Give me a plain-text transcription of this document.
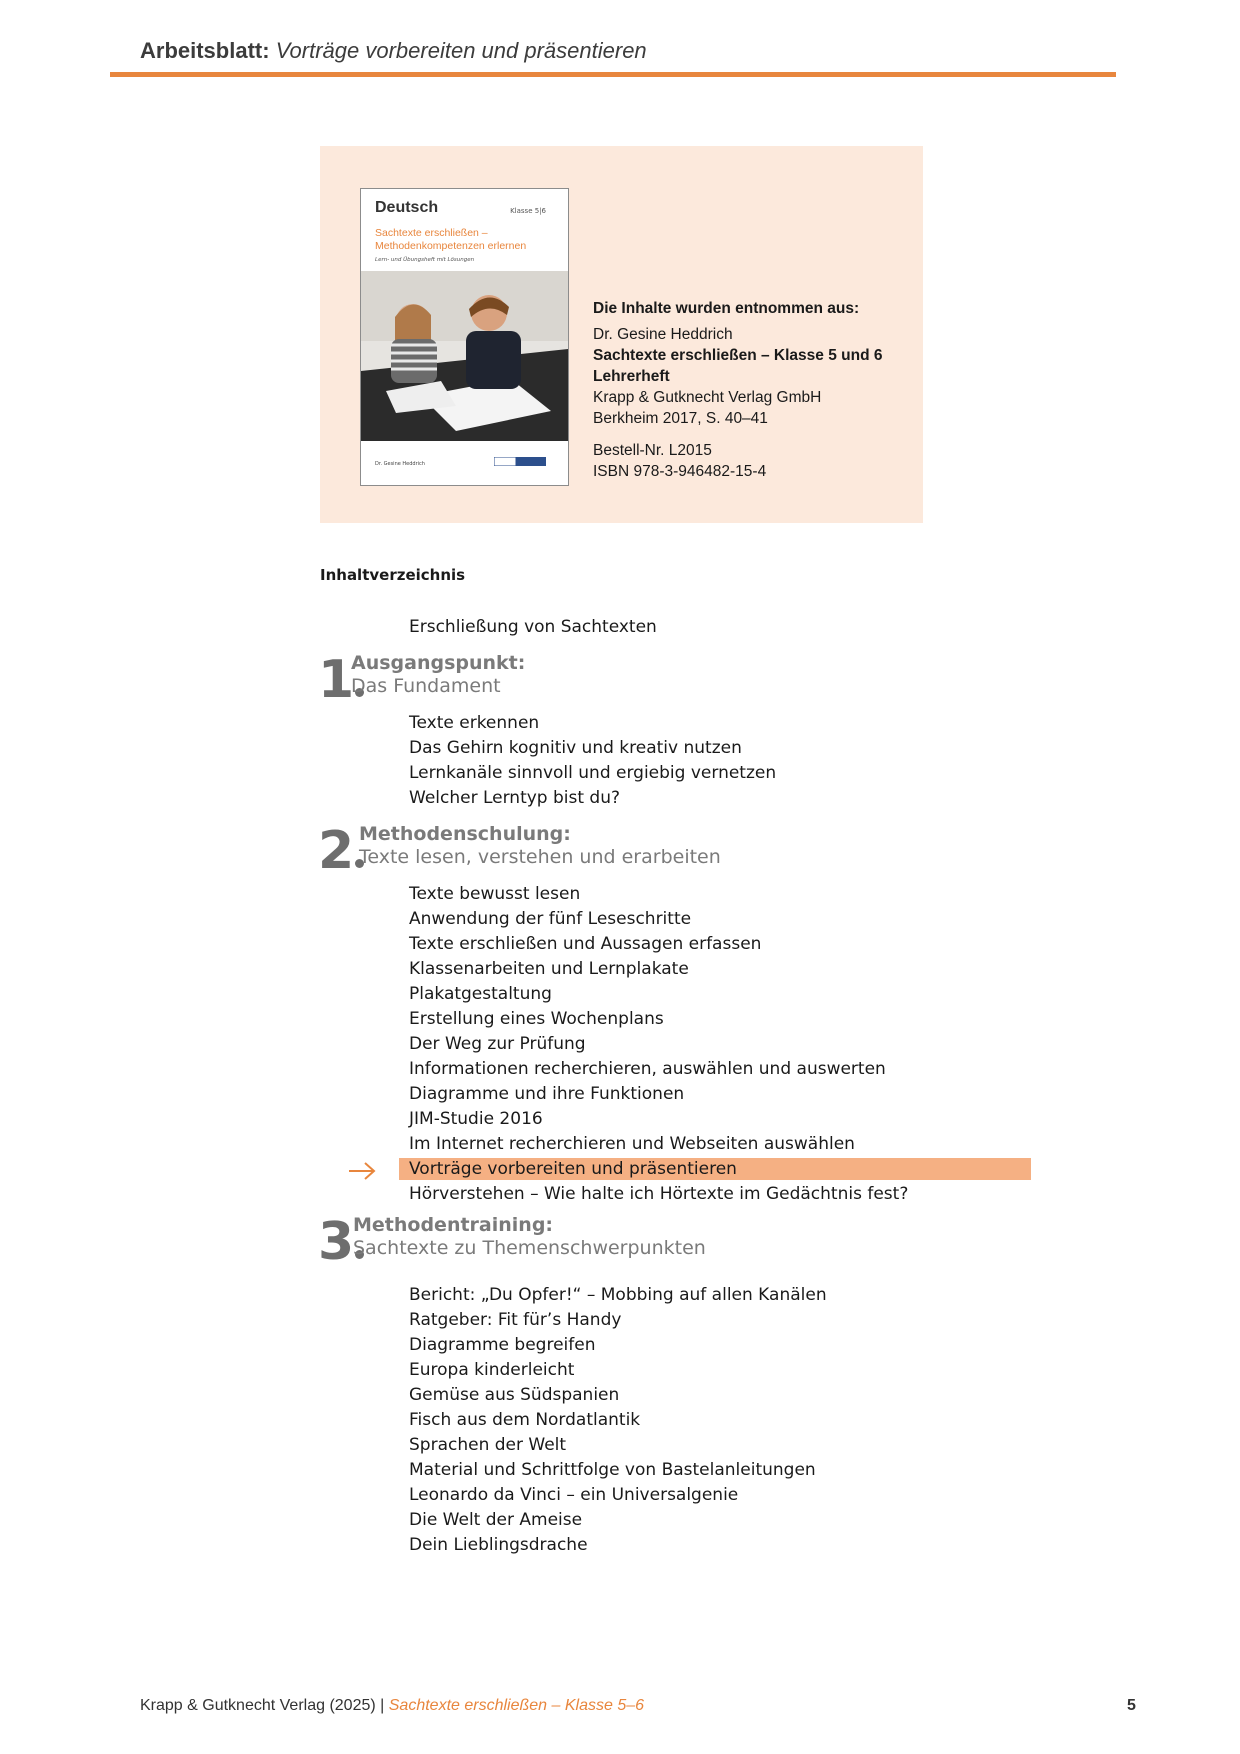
Arbeitsblatt: Vorträge vorbereiten und präsentieren
Deutsch	Klasse 5|6
Sachtexte erschließen – Methodenkompetenzen erlernen
Lern- und Übungsheft mit Lösungen
Dr. Gesine Heddrich
Die Inhalte wurden entnommen aus:
Dr. Gesine Heddrich
Sachtexte erschließen – Klasse 5 und 6
Lehrerheft
Krapp & Gutknecht Verlag GmbH
Berkheim 2017, S. 40–41
Bestell-Nr. L2015
ISBN 978-3-946482-15-4
Inhaltverzeichnis
Erschließung von Sachtexten
1
Ausgangspunkt:
Das Fundament
Texte erkennen
Das Gehirn kognitiv und kreativ nutzen
Lernkanäle sinnvoll und ergiebig vernetzen
Welcher Lerntyp bist du?
2 Methodenschulung:
Texte lesen, verstehen und erarbeiten
Texte bewusst lesen
Anwendung der fünf Leseschritte
Texte erschließen und Aussagen erfassen
Klassenarbeiten und Lernplakate
Plakatgestaltung
Erstellung eines Wochenplans
Der Weg zur Prüfung
Informationen recherchieren, auswählen und auswerten
Diagramme und ihre Funktionen
JIM-Studie 2016
Im Internet recherchieren und Webseiten auswählen
Vorträge vorbereiten und präsentieren
Hörverstehen – Wie halte ich Hörtexte im Gedächtnis fest?
3
Methodentraining:
Sachtexte zu Themenschwerpunkten
Bericht: „Du Opfer!“ – Mobbing auf allen Kanälen
Ratgeber: Fit für’s Handy
Diagramme begreifen
Europa kinderleicht
Gemüse aus Südspanien
Fisch aus dem Nordatlantik
Sprachen der Welt
Material und Schrittfolge von Bastelanleitungen
Leonardo da Vinci – ein Universalgenie
Die Welt der Ameise
Dein Lieblingsdrache
Krapp & Gutknecht Verlag (2025) | Sachtexte erschließen – Klasse 5–6	5
